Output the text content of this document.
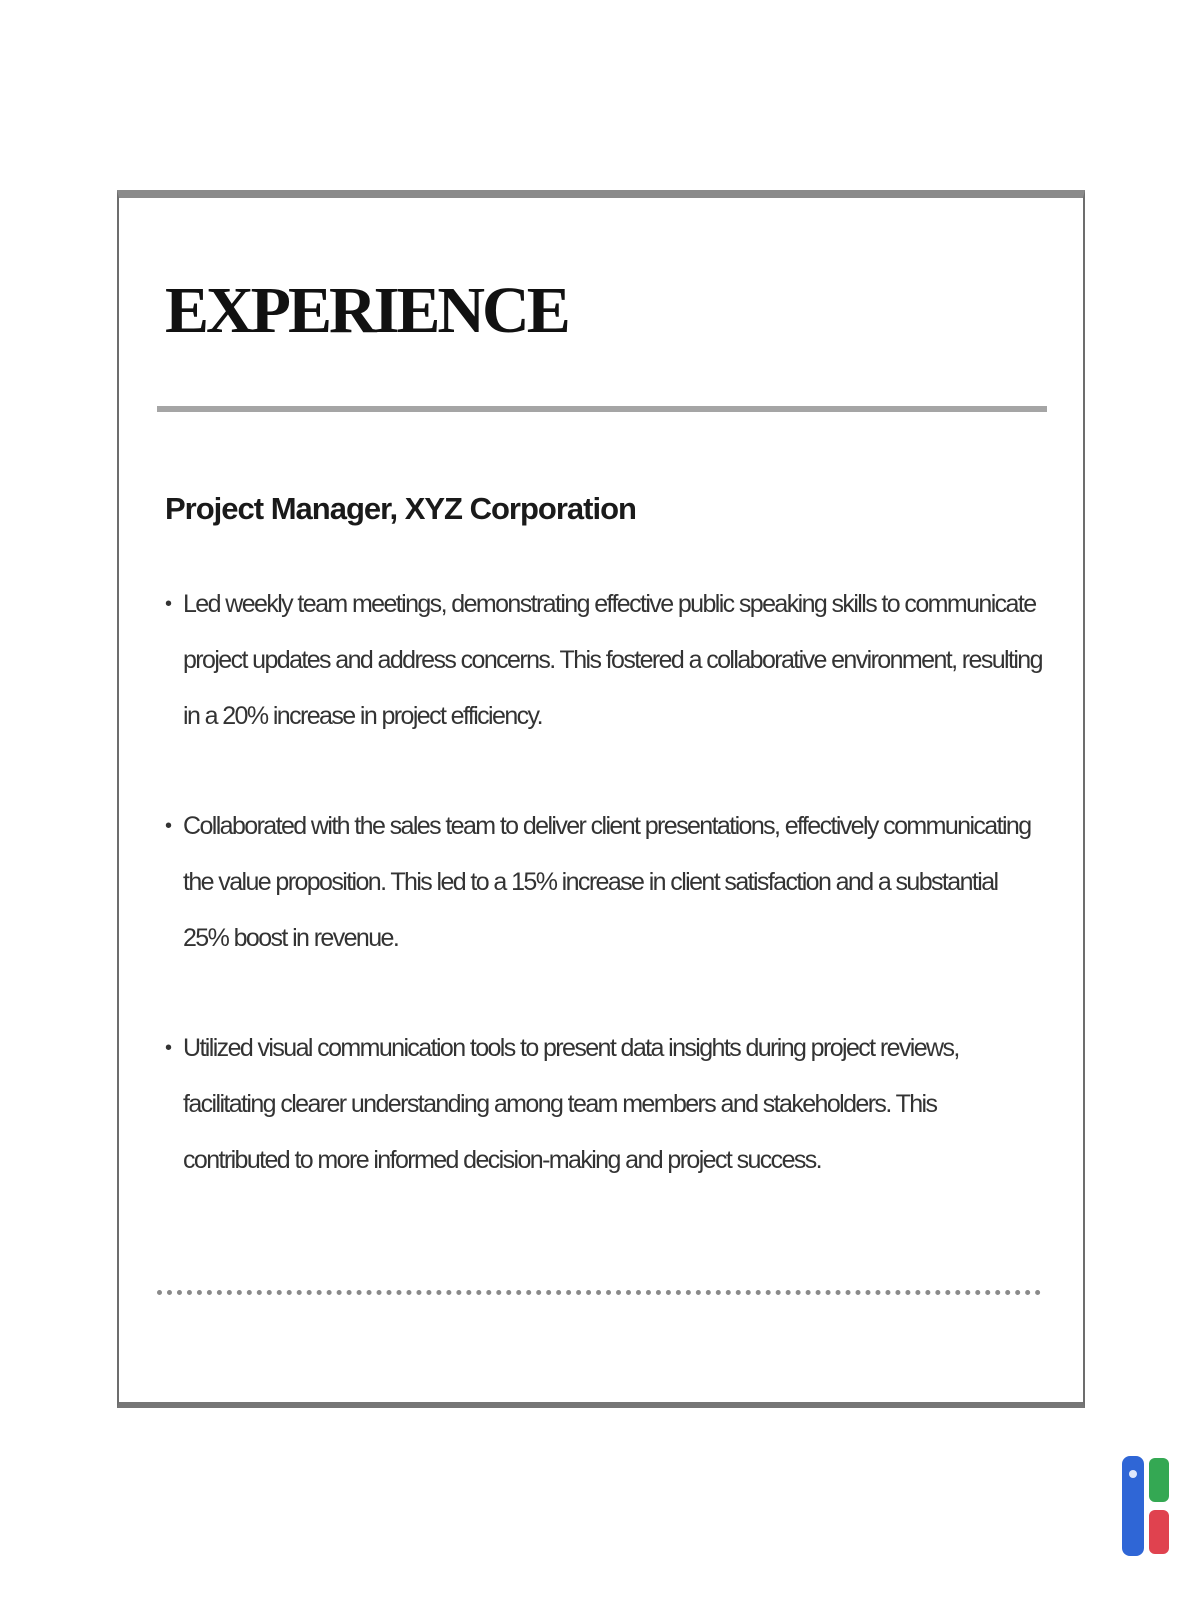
EXPERIENCE
Project Manager, XYZ Corporation
• Led weekly team meetings, demonstrating effective public speaking skills to communicate project updates and address concerns. This fostered a collaborative environment, resulting in a 20% increase in project efficiency.
• Collaborated with the sales team to deliver client presentations, effectively communicating the value proposition. This led to a 15% increase in client satisfaction and a substantial 25% boost in revenue.
• Utilized visual communication tools to present data insights during project reviews, facilitating clearer understanding among team members and stakeholders. This contributed to more informed decision-making and project success.
